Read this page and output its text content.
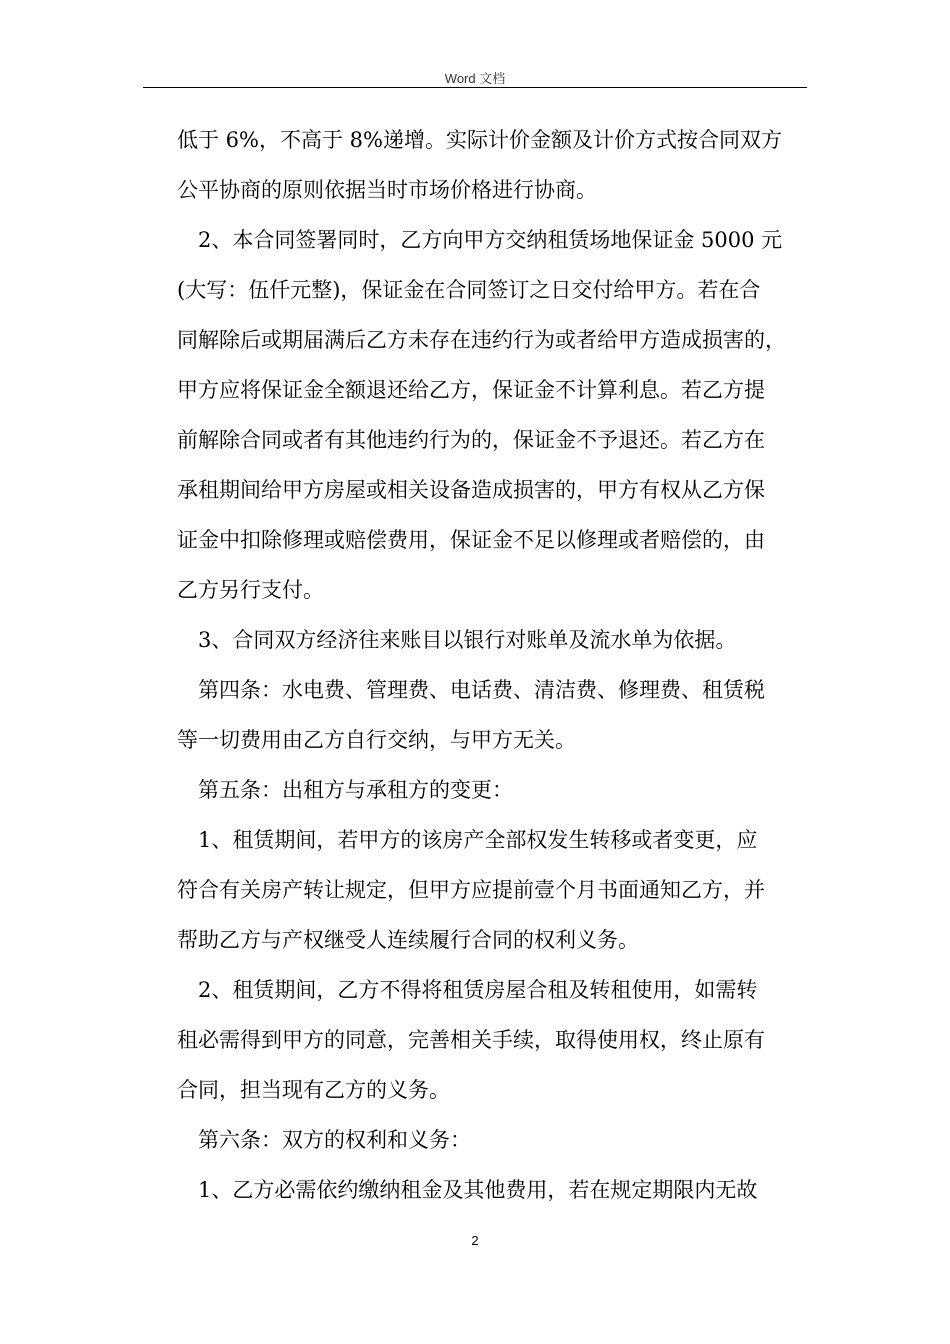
Word 文档
低于 6%，不高于 8%递增。实际计价金额及计价方式按合同双方
公平协商的原则依据当时市场价格进行协商。
2、本合同签署同时，乙方向甲方交纳租赁场地保证金 5000 元
(大写：伍仟元整)，保证金在合同签订之日交付给甲方。若在合
同解除后或期届满后乙方未存在违约行为或者给甲方造成损害的，
甲方应将保证金全额退还给乙方，保证金不计算利息。若乙方提
前解除合同或者有其他违约行为的，保证金不予退还。若乙方在
承租期间给甲方房屋或相关设备造成损害的，甲方有权从乙方保
证金中扣除修理或赔偿费用，保证金不足以修理或者赔偿的，由
乙方另行支付。
3、合同双方经济往来账目以银行对账单及流水单为依据。
第四条：水电费、管理费、电话费、清洁费、修理费、租赁税
等一切费用由乙方自行交纳，与甲方无关。
第五条：出租方与承租方的变更：
1、租赁期间，若甲方的该房产全部权发生转移或者变更，应
符合有关房产转让规定，但甲方应提前壹个月书面通知乙方，并
帮助乙方与产权继受人连续履行合同的权利义务。
2、租赁期间，乙方不得将租赁房屋合租及转租使用，如需转
租必需得到甲方的同意，完善相关手续，取得使用权，终止原有
合同，担当现有乙方的义务。
第六条：双方的权利和义务：
1、乙方必需依约缴纳租金及其他费用，若在规定期限内无故
2
